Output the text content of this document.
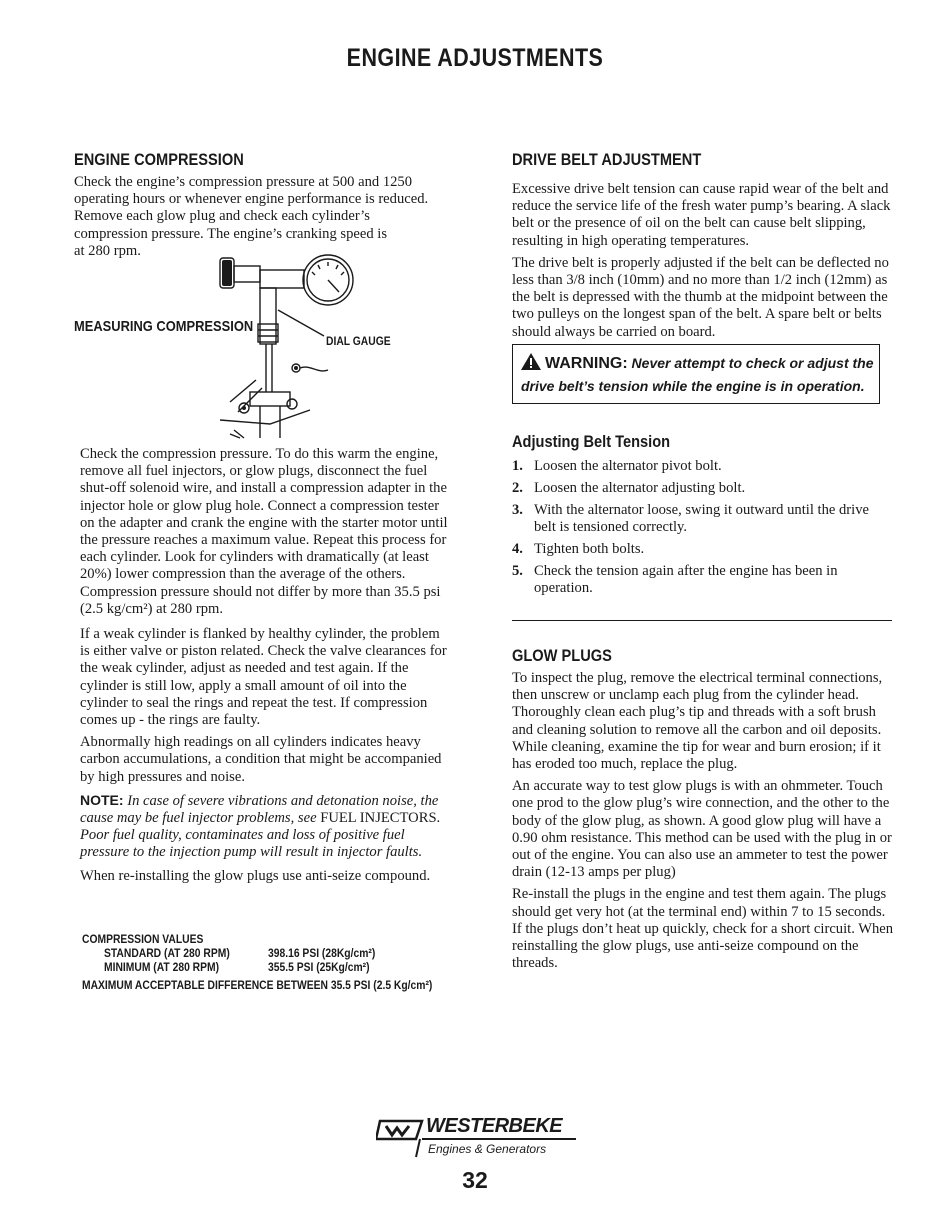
ENGINE ADJUSTMENTS
ENGINE COMPRESSION
Check the engine’s compression pressure at 500 and 1250
operating hours or whenever engine performance is reduced.
Remove each glow plug and check each cylinder’s
compression pressure. The engine’s cranking speed is
at 280 rpm.
MEASURING COMPRESSION
DIAL GAUGE

Check the compression pressure. To do this warm the engine, remove all fuel injectors, or glow plugs, disconnect the fuel shut-off solenoid wire, and install a compression adapter in the injector hole or glow plug hole. Connect a compression tester on the adapter and crank the engine with the starter motor until the pressure reaches a maximum value. Repeat this process for each cylinder. Look for cylinders with dramatically (at least 20%) lower compression than the average of the others. Compression pressure should not differ by more than 35.5 psi (2.5 kg/cm²) at 280 rpm.

If a weak cylinder is flanked by healthy cylinder, the problem is either valve or piston related. Check the valve clearances for the weak cylinder, adjust as needed and test again. If the cylinder is still low, apply a small amount of oil into the cylinder to seal the rings and repeat the test. If compression comes up - the rings are faulty.

Abnormally high readings on all cylinders indicates heavy carbon accumulations, a condition that might be accompanied by high pressures and noise.

NOTE: In case of severe vibrations and detonation noise, the cause may be fuel injector problems, see FUEL INJECTORS. Poor fuel quality, contaminates and loss of positive fuel pressure to the injection pump will result in injector faults.

When re-installing the glow plugs use anti-seize compound.

COMPRESSION VALUES
STANDARD (AT 280 RPM)	398.16 PSI (28Kg/cm²)
MINIMUM (AT 280 RPM)	355.5 PSI (25Kg/cm²)
MAXIMUM ACCEPTABLE DIFFERENCE BETWEEN 35.5 PSI (2.5 Kg/cm²)
DRIVE BELT ADJUSTMENT

Excessive drive belt tension can cause rapid wear of the belt and reduce the service life of the fresh water pump’s bearing. A slack belt or the presence of oil on the belt can cause belt slipping, resulting in high operating temperatures.

The drive belt is properly adjusted if the belt can be deflected no less than 3/8 inch (10mm) and no more than 1/2 inch (12mm) as the belt is depressed with the thumb at the midpoint between the two pulleys on the longest span of the belt. A spare belt or belts should always be carried on board.

WARNING: Never attempt to check or adjust the
drive belt’s tension while the engine is in operation.
Adjusting Belt Tension
1. Loosen the alternator pivot bolt.
2. Loosen the alternator adjusting bolt.
3. With the alternator loose, swing it outward until the drive belt is tensioned correctly.
4. Tighten both bolts.
5. Check the tension again after the engine has been in operation.
GLOW PLUGS

To inspect the plug, remove the electrical terminal connections, then unscrew or unclamp each plug from the cylinder head. Thoroughly clean each plug’s tip and threads with a soft brush and cleaning solution to remove all the carbon and oil deposits. While cleaning, examine the tip for wear and burn erosion; if it has eroded too much, replace the plug.

An accurate way to test glow plugs is with an ohmmeter. Touch one prod to the glow plug’s wire connection, and the other to the body of the glow plug, as shown. A good glow plug will have a 0.90 ohm resistance. This method can be used with the plug in or out of the engine. You can also use an ammeter to test the power drain (12-13 amps per plug)

Re-install the plugs in the engine and test them again. The plugs should get very hot (at the terminal end) within 7 to 15 seconds. If the plugs don’t heat up quickly, check for a short circuit. When reinstalling the glow plugs, use anti-seize compound on the threads.

WESTERBEKE
Engines & Generators
32
